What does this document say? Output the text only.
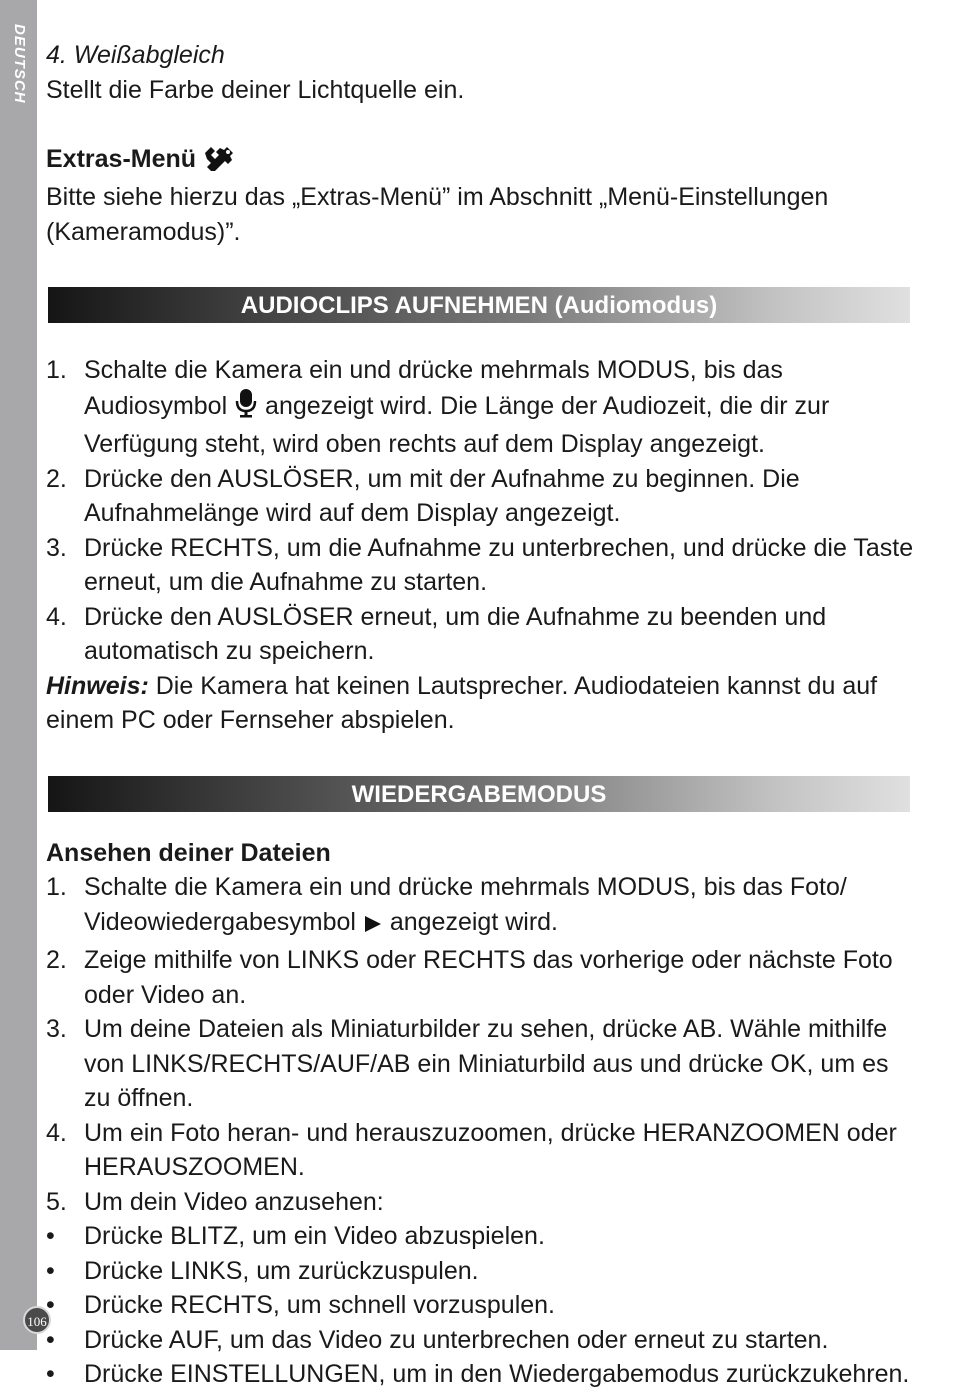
DEUTSCH
106

4. Weißabgleich

Stellt die Farbe deiner Lichtquelle ein.

Extras-Menü

Bitte siehe hierzu das „Extras-Menü” im Abschnitt „Menü-Einstellungen

(Kameramodus)”.

AUDIOCLIPS AUFNEHMEN (Audiomodus)
1. Schalte die Kamera ein und drücke mehrmals MODUS, bis das Audiosymbol angezeigt wird. Die Länge der Audiozeit, die dir zur Verfügung steht, wird oben rechts auf dem Display angezeigt.
2. Drücke den AUSLÖSER, um mit der Aufnahme zu beginnen. Die Aufnahmelänge wird auf dem Display angezeigt.
3. Drücke RECHTS, um die Aufnahme zu unterbrechen, und drücke die Taste erneut, um die Aufnahme zu starten.
4. Drücke den AUSLÖSER erneut, um die Aufnahme zu beenden und automatisch zu speichern.

Hinweis: Die Kamera hat keinen Lautsprecher. Audiodateien kannst du auf einem PC oder Fernseher abspielen.

WIEDERGABEMODUS

Ansehen deiner Dateien

1. Schalte die Kamera ein und drücke mehrmals MODUS, bis das Foto/ Videowiedergabesymbol angezeigt wird.
2. Zeige mithilfe von LINKS oder RECHTS das vorherige oder nächste Foto oder Video an.
3. Um deine Dateien als Miniaturbilder zu sehen, drücke AB. Wähle mithilfe von LINKS/RECHTS/AUF/AB ein Miniaturbild aus und drücke OK, um es zu öffnen.
4. Um ein Foto heran- und herauszuzoomen, drücke HERANZOOMEN oder HERAUSZOOMEN.
5. Um dein Video anzusehen:
•	Drücke BLITZ, um ein Video abzuspielen.
•	Drücke LINKS, um zurückzuspulen.
•	Drücke RECHTS, um schnell vorzuspulen.
•	Drücke AUF, um das Video zu unterbrechen oder erneut zu starten.
•	Drücke EINSTELLUNGEN, um in den Wiedergabemodus zurückzukehren.
